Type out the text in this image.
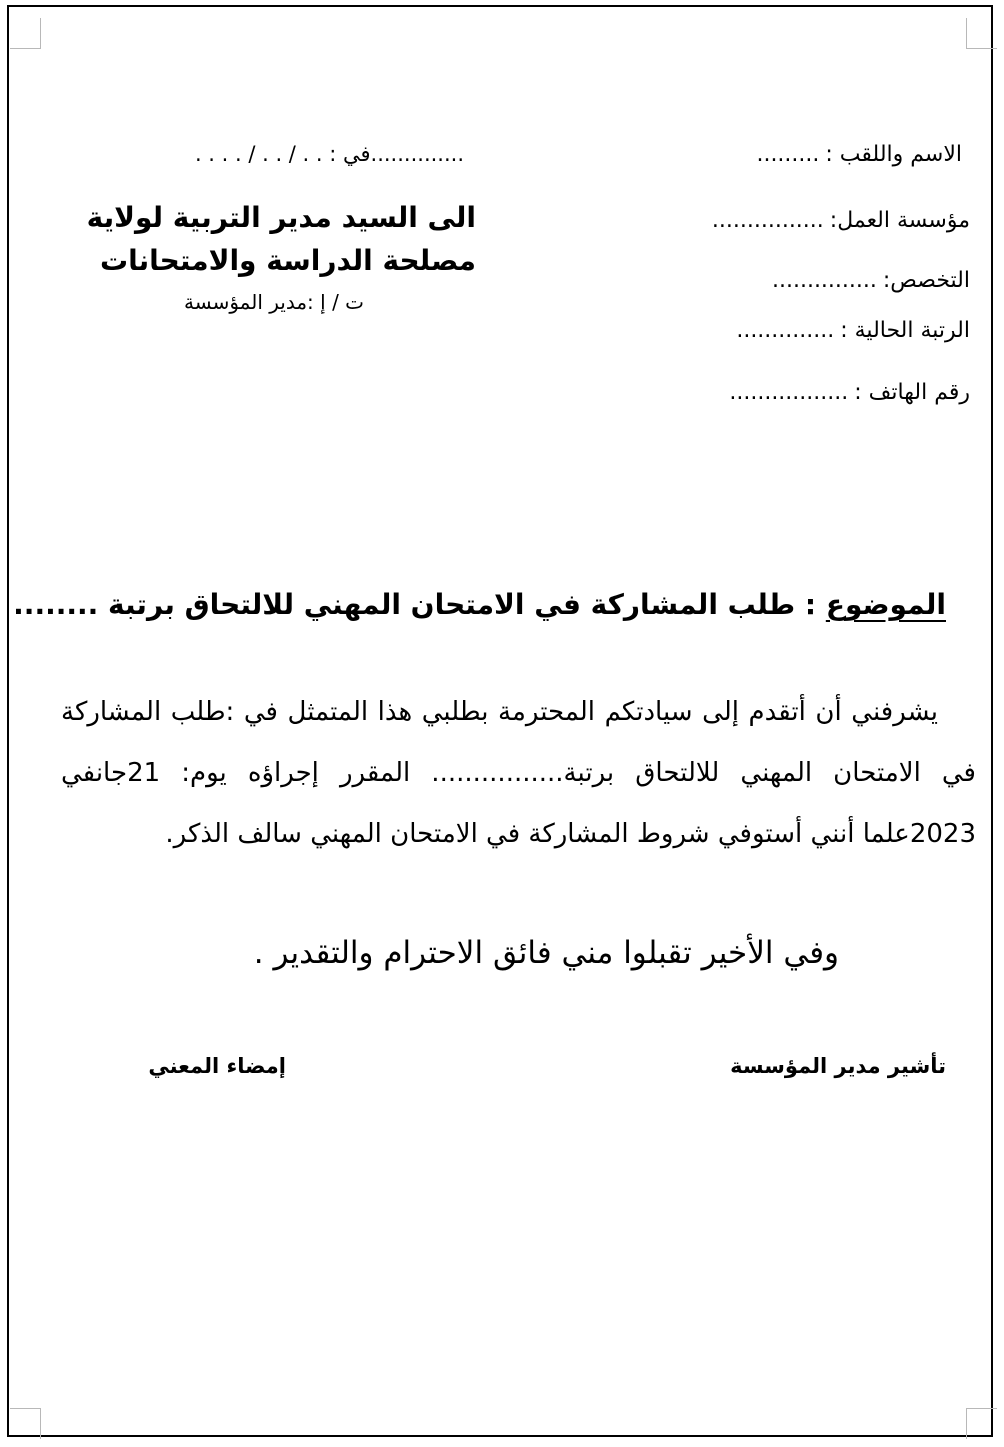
الاسم واللقب :.........
مؤسسة العمل:................
التخصص:...............
الرتبة الحالية :..............
رقم الهاتف :.................
..............في : . . / . . / . . . .
الى السيد مدير التربية لولاية
مصلحة الدراسة والامتحانات
ت / إ :مدير المؤسسة
الموضوع : طلب المشاركة في الامتحان المهني للالتحاق برتبة ........
يشرفني أن أتقدم إلى سيادتكم المحترمة بطلبي هذا المتمثل في :طلب المشاركة في الامتحان المهني للالتحاق برتبة................ المقرر إجراؤه يوم: 21جانفي 2023علما أنني أستوفي شروط المشاركة في الامتحان المهني سالف الذكر.
وفي الأخير تقبلوا مني فائق الاحترام والتقدير .
تأشير مدير المؤسسة
إمضاء المعني
